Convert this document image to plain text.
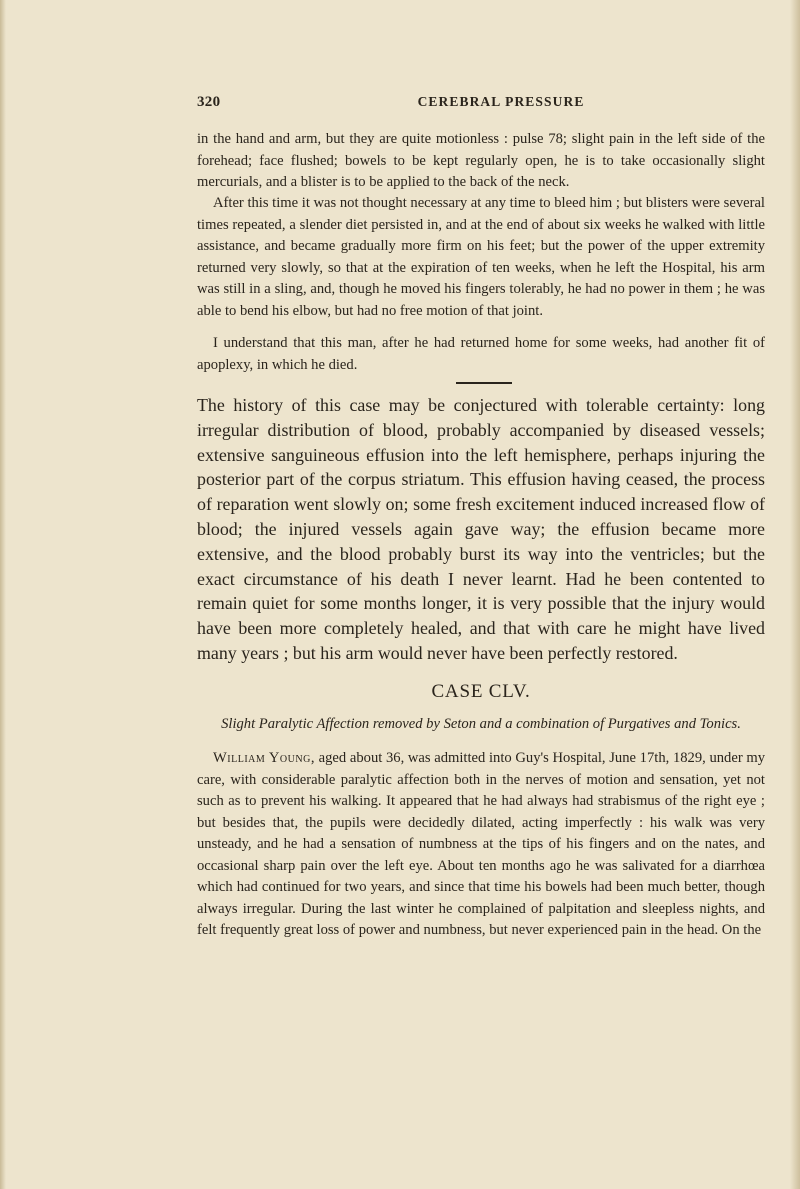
320	CEREBRAL PRESSURE

in the hand and arm, but they are quite motionless : pulse 78; slight pain in the left side of the forehead; face flushed; bowels to be kept regularly open, he is to take occasionally slight mercurials, and a blister is to be applied to the back of the neck.

After this time it was not thought necessary at any time to bleed him ; but blisters were several times repeated, a slender diet persisted in, and at the end of about six weeks he walked with little assistance, and became gradually more firm on his feet; but the power of the upper extremity returned very slowly, so that at the expiration of ten weeks, when he left the Hospital, his arm was still in a sling, and, though he moved his fingers tolerably, he had no power in them ; he was able to bend his elbow, but had no free motion of that joint.

I understand that this man, after he had returned home for some weeks, had another fit of apoplexy, in which he died.

The history of this case may be conjectured with tolerable certainty: long irregular distribution of blood, probably accompanied by diseased vessels; extensive sanguineous effusion into the left hemisphere, perhaps injuring the posterior part of the corpus striatum. This effusion having ceased, the process of reparation went slowly on; some fresh excitement induced increased flow of blood; the injured vessels again gave way; the effusion became more extensive, and the blood probably burst its way into the ventricles; but the exact circumstance of his death I never learnt. Had he been contented to remain quiet for some months longer, it is very possible that the injury would have been more completely healed, and that with care he might have lived many years ; but his arm would never have been perfectly restored.

CASE CLV.
Slight Paralytic Affection removed by Seton and a combination of Purgatives and Tonics.

William Young, aged about 36, was admitted into Guy's Hospital, June 17th, 1829, under my care, with considerable paralytic affection both in the nerves of motion and sensation, yet not such as to prevent his walking. It appeared that he had always had strabismus of the right eye ; but besides that, the pupils were decidedly dilated, acting imperfectly : his walk was very unsteady, and he had a sensation of numbness at the tips of his fingers and on the nates, and occasional sharp pain over the left eye. About ten months ago he was salivated for a diarrhœa which had continued for two years, and since that time his bowels had been much better, though always irregular. During the last winter he complained of palpitation and sleepless nights, and felt frequently great loss of power and numbness, but never experienced pain in the head. On the
